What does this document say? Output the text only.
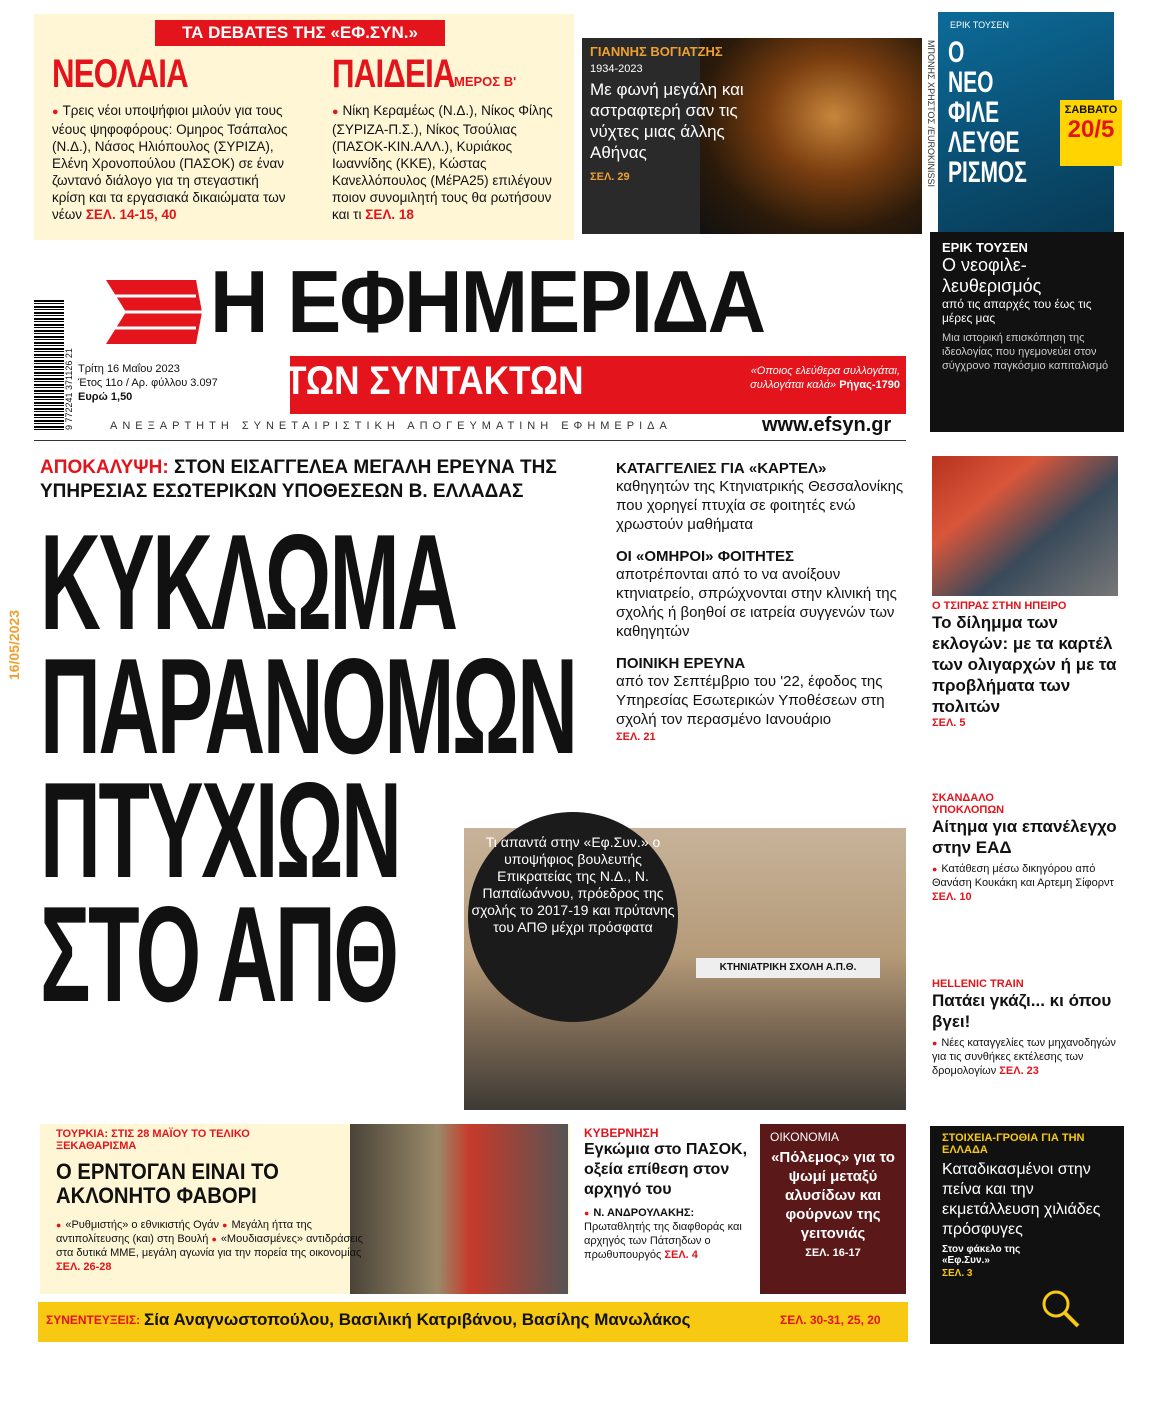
ΤΑ DEBATES ΤΗΣ «ΕΦ.ΣΥΝ.»
ΝΕΟΛΑΙΑ
● Τρεις νέοι υποψήφιοι μιλούν για τους νέους ψηφοφόρους: Ομηρος Τσάπαλος (Ν.Δ.), Νάσος Ηλιόπουλος (ΣΥΡΙΖΑ), Ελένη Χρονοπούλου (ΠΑΣΟΚ) σε έναν ζωντανό διάλογο για τη στεγαστική κρίση και τα εργασιακά δικαιώματα των νέων ΣΕΛ. 14-15, 40
ΠΑΙΔΕΙΑ ΜΕΡΟΣ Β'
● Νίκη Κεραμέως (Ν.Δ.), Νίκος Φίλης (ΣΥΡΙΖΑ-Π.Σ.), Νίκος Τσούλιας (ΠΑΣΟΚ-ΚΙΝ.ΑΛΛ.), Κυριάκος Ιωαννίδης (ΚΚΕ), Κώστας Κανελλόπουλος (ΜέΡΑ25) επιλέγουν ποιον συνομιλητή τους θα ρωτήσουν και τι ΣΕΛ. 18
ΓΙΑΝΝΗΣ ΒΟΓΙΑΤΖΗΣ
1934-2023
Με φωνή μεγάλη και αστραφτερή σαν τις νύχτες μιας άλλης Αθήνας
ΣΕΛ. 29	ΜΠΟΝΗΣ ΧΡΗΣΤΟΣ /EUROKINISSI
ΕΡΙΚ ΤΟΥΣΕΝ
Ο ΝΕΟ ΦΙΛΕ ΛΕΥΘΕ ΡΙΣΜΟΣ
ΣΑΒΒΑΤΟ
20/5
ΕΡΙΚ ΤΟΥΣΕΝ
Ο νεοφιλε-λευθερισμός
από τις απαρχές του έως τις μέρες μας
Μια ιστορική επισκόπηση της ιδεολογίας που ηγεμονεύει στον σύγχρονο παγκόσμιο καπιταλισμό
Η ΕΦΗΜΕΡΙΔΑ
ΤΩΝ ΣΥΝΤΑΚΤΩΝ	«Οποιος ελεύθερα συλλογάται, συλλογάται καλά» Ρήγας-1790
Τρίτη 16 Μαΐου 2023
Έτος 11ο / Αρ. φύλλου 3.097
Ευρώ 1,50
9 772241 371126 21	ΑΝΕΞΑΡΤΗΤΗ ΣΥΝΕΤΑΙΡΙΣΤΙΚΗ ΑΠΟΓΕΥΜΑΤΙΝΗ ΕΦΗΜΕΡΙΔΑ	www.efsyn.gr
ΑΠΟΚΑΛΥΨΗ: ΣΤΟΝ ΕΙΣΑΓΓΕΛΕΑ ΜΕΓΑΛΗ ΕΡΕΥΝΑ ΤΗΣ ΥΠΗΡΕΣΙΑΣ ΕΣΩΤΕΡΙΚΩΝ ΥΠΟΘΕΣΕΩΝ Β. ΕΛΛΑΔΑΣ
ΚΥΚΛΩΜΑ
ΠΑΡΑΝΟΜΩΝ
ΠΤΥΧΙΩΝ
ΣΤΟ ΑΠΘ
ΚΑΤΑΓΓΕΛΙΕΣ ΓΙΑ «ΚΑΡΤΕΛ»
καθηγητών της Κτηνιατρικής Θεσσαλονίκης που χορηγεί πτυχία σε φοιτητές ενώ χρωστούν μαθήματα
ΟΙ «ΟΜΗΡΟΙ» ΦΟΙΤΗΤΕΣ
αποτρέπονται από το να ανοίξουν κτηνιατρείο, σπρώχνονται στην κλινική της σχολής ή βοηθοί σε ιατρεία συγγενών των καθηγητών
ΠΟΙΝΙΚΗ ΕΡΕΥΝΑ
από τον Σεπτέμβριο του '22, έφοδος της Υπηρεσίας Εσωτερικών Υποθέσεων στη σχολή τον περασμένο Ιανουάριο
ΣΕΛ. 21
ΚΤΗΝΙΑΤΡΙΚΗ ΣΧΟΛΗ Α.Π.Θ.
Τι απαντά στην «Εφ.Συν.» ο υποψήφιος βουλευτής Επικρατείας της Ν.Δ., Ν. Παπαϊωάννου, πρόεδρος της σχολής το 2017-19 και πρύτανης του ΑΠΘ μέχρι πρόσφατα
Ο ΤΣΙΠΡΑΣ ΣΤΗΝ ΗΠΕΙΡΟ
Το δίλημμα των εκλογών: με τα καρτέλ των ολιγαρχών ή με τα προβλήματα των πολιτών
ΣΕΛ. 5
ΣΚΑΝΔΑΛΟ ΥΠΟΚΛΟΠΩΝ
Αίτημα για επανέλεγχο στην ΕΑΔ
● Κατάθεση μέσω δικηγόρου από Θανάση Κουκάκη και Αρτεμη Σίφορντ ΣΕΛ. 10
HELLENIC TRAIN
Πατάει γκάζι... κι όπου βγει!
● Νέες καταγγελίες των μηχανοδηγών για τις συνθήκες εκτέλεσης των δρομολογίων ΣΕΛ. 23
ΤΟΥΡΚΙΑ: ΣΤΙΣ 28 ΜΑΪΟΥ ΤΟ ΤΕΛΙΚΟ ΞΕΚΑΘΑΡΙΣΜΑ
Ο ΕΡΝΤΟΓΑΝ ΕΙΝΑΙ ΤΟ ΑΚΛΟΝΗΤΟ ΦΑΒΟΡΙ
● «Ρυθμιστής» ο εθνικιστής Ογάν ● Μεγάλη ήττα της αντιπολίτευσης (και) στη Βουλή ● «Μουδιασμένες» αντιδράσεις στα δυτικά ΜΜΕ, μεγάλη αγωνία για την πορεία της οικονομίας ΣΕΛ. 26-28
ΚΥΒΕΡΝΗΣΗ
Εγκώμια στο ΠΑΣΟΚ, οξεία επίθεση στον αρχηγό του
● Ν. ΑΝΔΡΟΥΛΑΚΗΣ: Πρωταθλητής της διαφθοράς και αρχηγός των Πάτσηδων ο πρωθυπουργός ΣΕΛ. 4
ΟΙΚΟΝΟΜΙΑ
«Πόλεμος» για το ψωμί μεταξύ αλυσίδων και φούρνων της γειτονιάς
ΣΕΛ. 16-17
ΣΥΝΕΝΤΕΥΞΕΙΣ: Σία Αναγνωστοπούλου, Βασιλική Κατριβάνου, Βασίλης Μανωλάκος	ΣΕΛ. 30-31, 25, 20
ΣΤΟΙΧΕΙΑ-ΓΡΟΘΙΑ ΓΙΑ ΤΗΝ ΕΛΛΑΔΑ
Καταδικασμένοι στην πείνα και την εκμετάλλευση χιλιάδες πρόσφυγες
Στον φάκελο της «Εφ.Συν.»
ΣΕΛ. 3
16/05/2023
